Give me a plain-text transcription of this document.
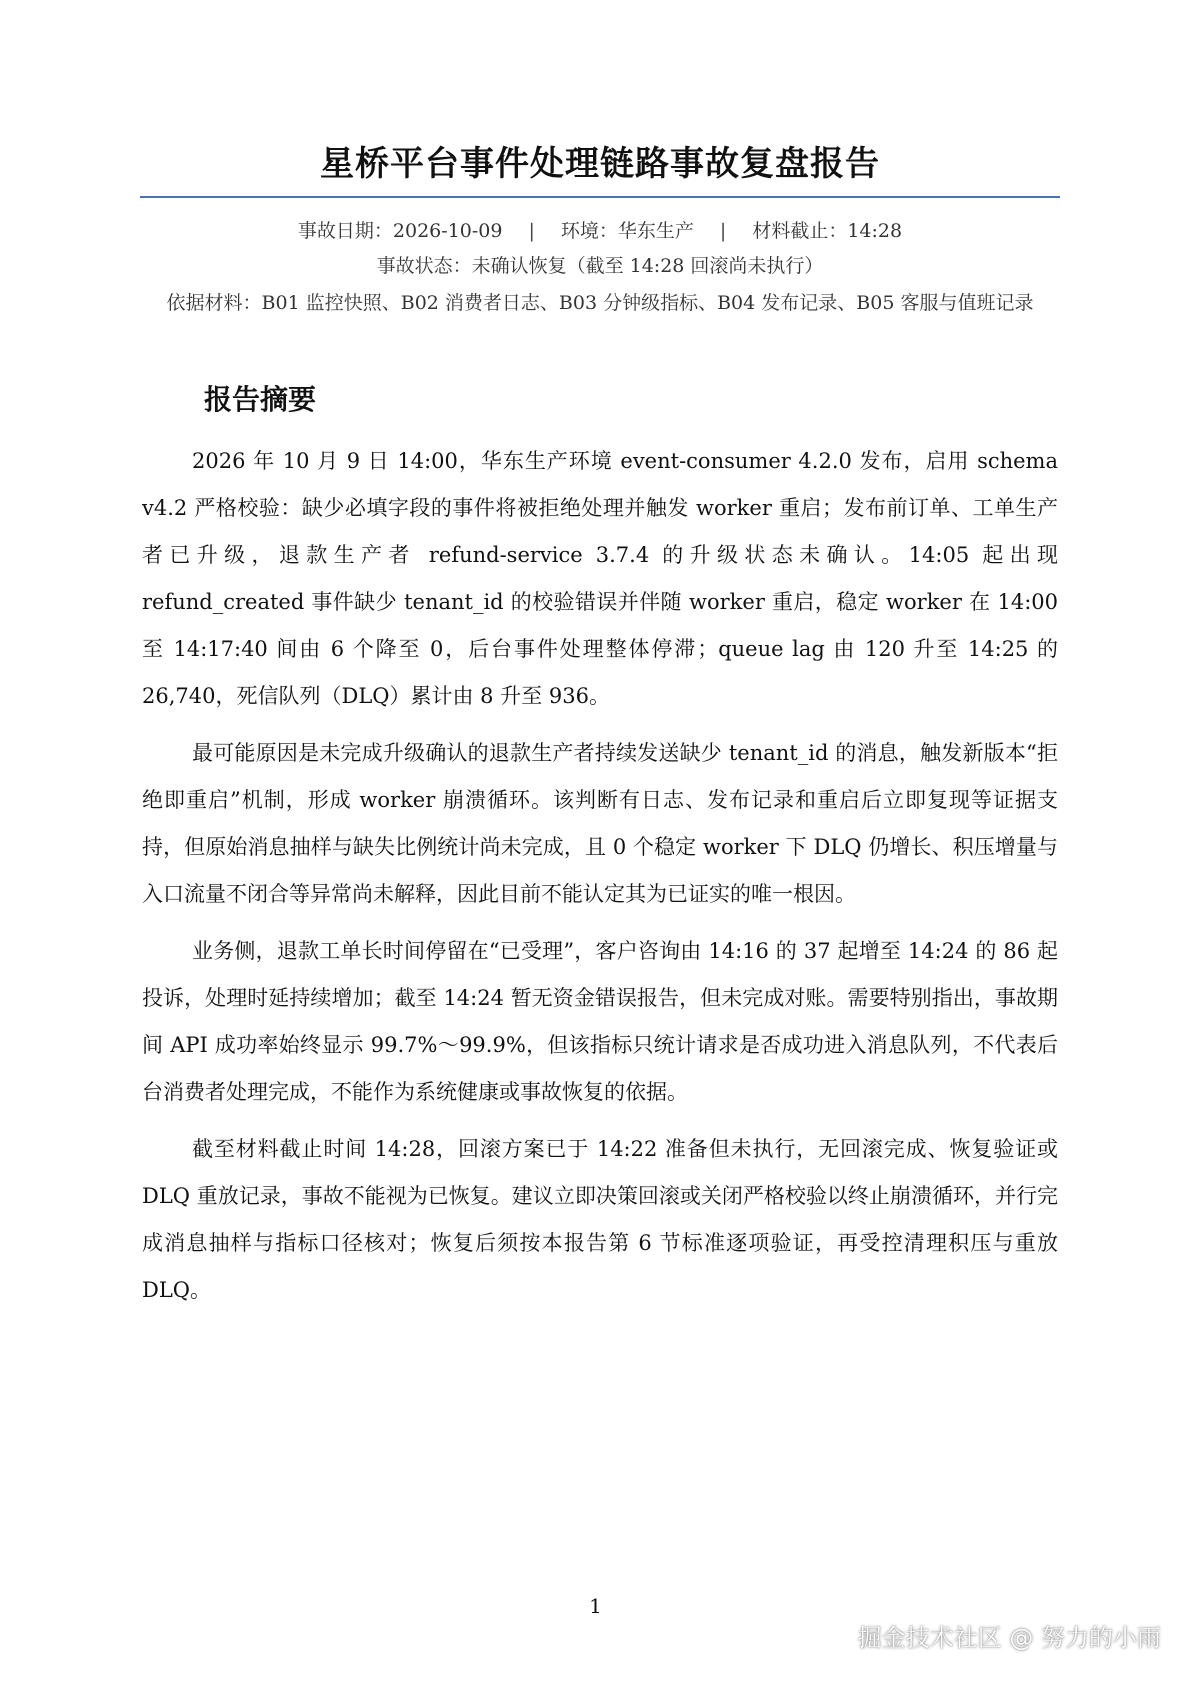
星桥平台事件处理链路事故复盘报告
事故日期：2026-10-09 | 环境：华东生产 | 材料截止：14:28
事故状态：未确认恢复（截至 14:28 回滚尚未执行）
依据材料：B01 监控快照、B02 消费者日志、B03 分钟级指标、B04 发布记录、B05 客服与值班记录
报告摘要

2026 年 10 月 9 日 14:00，华东生产环境 event-consumer 4.2.0 发布，启用 schema v4.2 严格校验：缺少必填字段的事件将被拒绝处理并触发 worker 重启；发布前订单、工单生产者已升级，退款生产者 refund-service 3.7.4 的升级状态未确认。14:05 起出现 refund_created 事件缺少 tenant_id 的校验错误并伴随 worker 重启，稳定 worker 在 14:00 至 14:17:40 间由 6 个降至 0，后台事件处理整体停滞；queue lag 由 120 升至 14:25 的 26,740，死信队列（DLQ）累计由 8 升至 936。

最可能原因是未完成升级确认的退款生产者持续发送缺少 tenant_id 的消息，触发新版本“拒绝即重启”机制，形成 worker 崩溃循环。该判断有日志、发布记录和重启后立即复现等证据支持，但原始消息抽样与缺失比例统计尚未完成，且 0 个稳定 worker 下 DLQ 仍增长、积压增量与入口流量不闭合等异常尚未解释，因此目前不能认定其为已证实的唯一根因。

业务侧，退款工单长时间停留在“已受理”，客户咨询由 14:16 的 37 起增至 14:24 的 86 起投诉，处理时延持续增加；截至 14:24 暂无资金错误报告，但未完成对账。需要特别指出，事故期间 API 成功率始终显示 99.7%～99.9%，但该指标只统计请求是否成功进入消息队列，不代表后台消费者处理完成，不能作为系统健康或事故恢复的依据。

截至材料截止时间 14:28，回滚方案已于 14:22 准备但未执行，无回滚完成、恢复验证或 DLQ 重放记录，事故不能视为已恢复。建议立即决策回滚或关闭严格校验以终止崩溃循环，并行完成消息抽样与指标口径核对；恢复后须按本报告第 6 节标准逐项验证，再受控清理积压与重放 DLQ。

1
掘金技术社区 @ 努力的小雨
